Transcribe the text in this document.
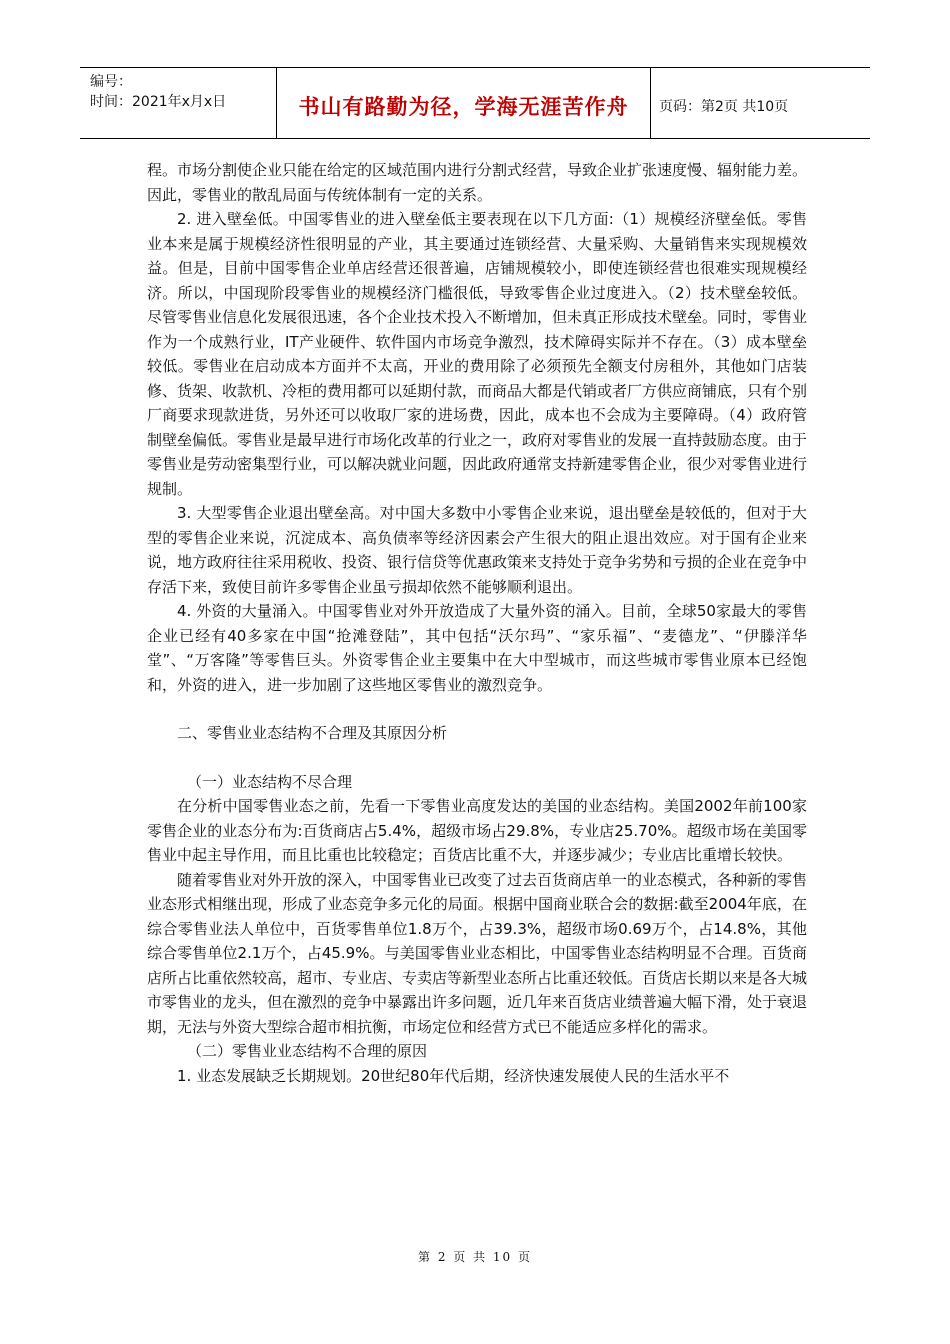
编号：
时间：2021年x月x日	书山有路勤为径，学海无涯苦作舟	页码：第2页 共10页

程。市场分割使企业只能在给定的区域范围内进行分割式经营，导致企业扩张速度慢、辐射能力差。因此，零售业的散乱局面与传统体制有一定的关系。

2. 进入壁垒低。中国零售业的进入壁垒低主要表现在以下几方面:（1）规模经济壁垒低。零售业本来是属于规模经济性很明显的产业，其主要通过连锁经营、大量采购、大量销售来实现规模效益。但是，目前中国零售企业单店经营还很普遍，店铺规模较小，即使连锁经营也很难实现规模经济。所以，中国现阶段零售业的规模经济门槛很低，导致零售企业过度进入。（2）技术壁垒较低。尽管零售业信息化发展很迅速，各个企业技术投入不断增加，但未真正形成技术壁垒。同时，零售业作为一个成熟行业，IT产业硬件、软件国内市场竞争激烈，技术障碍实际并不存在。（3）成本壁垒较低。零售业在启动成本方面并不太高，开业的费用除了必须预先全额支付房租外，其他如门店装修、货架、收款机、冷柜的费用都可以延期付款，而商品大都是代销或者厂方供应商铺底，只有个别厂商要求现款进货，另外还可以收取厂家的进场费，因此，成本也不会成为主要障碍。（4）政府管制壁垒偏低。零售业是最早进行市场化改革的行业之一，政府对零售业的发展一直持鼓励态度。由于零售业是劳动密集型行业，可以解决就业问题，因此政府通常支持新建零售企业，很少对零售业进行规制。

3. 大型零售企业退出壁垒高。对中国大多数中小零售企业来说，退出壁垒是较低的，但对于大型的零售企业来说，沉淀成本、高负债率等经济因素会产生很大的阻止退出效应。对于国有企业来说，地方政府往往采用税收、投资、银行信贷等优惠政策来支持处于竞争劣势和亏损的企业在竞争中存活下来，致使目前许多零售企业虽亏损却依然不能够顺利退出。

4. 外资的大量涌入。中国零售业对外开放造成了大量外资的涌入。目前，全球50家最大的零售企业已经有40多家在中国“抢滩登陆”，其中包括“沃尔玛”、“家乐福”、“麦德龙”、“伊滕洋华堂”、“万客隆”等零售巨头。外资零售企业主要集中在大中型城市，而这些城市零售业原本已经饱和，外资的进入，进一步加剧了这些地区零售业的激烈竞争。

二、零售业业态结构不合理及其原因分析

（一）业态结构不尽合理

在分析中国零售业态之前，先看一下零售业高度发达的美国的业态结构。美国2002年前100家零售企业的业态分布为:百货商店占5.4%，超级市场占29.8%，专业店25.70%。超级市场在美国零售业中起主导作用，而且比重也比较稳定；百货店比重不大，并逐步减少；专业店比重增长较快。

随着零售业对外开放的深入，中国零售业已改变了过去百货商店单一的业态模式，各种新的零售业态形式相继出现，形成了业态竞争多元化的局面。根据中国商业联合会的数据:截至2004年底，在综合零售业法人单位中，百货零售单位1.8万个，占39.3%，超级市场0.69万个，占14.8%，其他综合零售单位2.1万个，占45.9%。与美国零售业业态相比，中国零售业态结构明显不合理。百货商店所占比重依然较高，超市、专业店、专卖店等新型业态所占比重还较低。百货店长期以来是各大城市零售业的龙头，但在激烈的竞争中暴露出许多问题，近几年来百货店业绩普遍大幅下滑，处于衰退期，无法与外资大型综合超市相抗衡，市场定位和经营方式已不能适应多样化的需求。

（二）零售业业态结构不合理的原因

1. 业态发展缺乏长期规划。20世纪80年代后期，经济快速发展使人民的生活水平不

第 2 页 共 10 页
